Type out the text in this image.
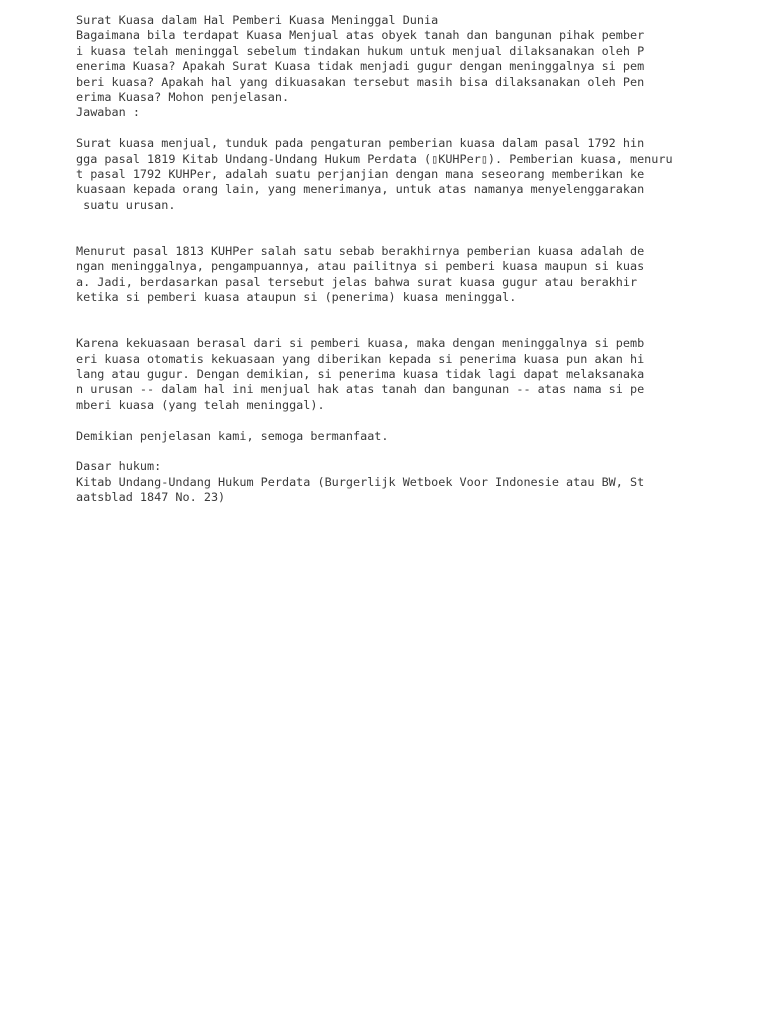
Surat Kuasa dalam Hal Pemberi Kuasa Meninggal Dunia
Bagaimana bila terdapat Kuasa Menjual atas obyek tanah dan bangunan pihak pember
i kuasa telah meninggal sebelum tindakan hukum untuk menjual dilaksanakan oleh P
enerima Kuasa? Apakah Surat Kuasa tidak menjadi gugur dengan meninggalnya si pem
beri kuasa? Apakah hal yang dikuasakan tersebut masih bisa dilaksanakan oleh Pen
erima Kuasa? Mohon penjelasan.
Jawaban :
Surat kuasa menjual, tunduk pada pengaturan pemberian kuasa dalam pasal 1792 hin
gga pasal 1819 Kitab Undang-Undang Hukum Perdata (▯KUHPer▯). Pemberian kuasa, menuru
t pasal 1792 KUHPer, adalah suatu perjanjian dengan mana seseorang memberikan ke
kuasaan kepada orang lain, yang menerimanya, untuk atas namanya menyelenggarakan
suatu urusan.
Menurut pasal 1813 KUHPer salah satu sebab berakhirnya pemberian kuasa adalah de
ngan meninggalnya, pengampuannya, atau pailitnya si pemberi kuasa maupun si kuas
a. Jadi, berdasarkan pasal tersebut jelas bahwa surat kuasa gugur atau berakhir
ketika si pemberi kuasa ataupun si (penerima) kuasa meninggal.
Karena kekuasaan berasal dari si pemberi kuasa, maka dengan meninggalnya si pemb
eri kuasa otomatis kekuasaan yang diberikan kepada si penerima kuasa pun akan hi
lang atau gugur. Dengan demikian, si penerima kuasa tidak lagi dapat melaksanaka
n urusan -- dalam hal ini menjual hak atas tanah dan bangunan -- atas nama si pe
mberi kuasa (yang telah meninggal).
Demikian penjelasan kami, semoga bermanfaat.
Dasar hukum:
Kitab Undang-Undang Hukum Perdata (Burgerlijk Wetboek Voor Indonesie atau BW, St
aatsblad 1847 No. 23)
